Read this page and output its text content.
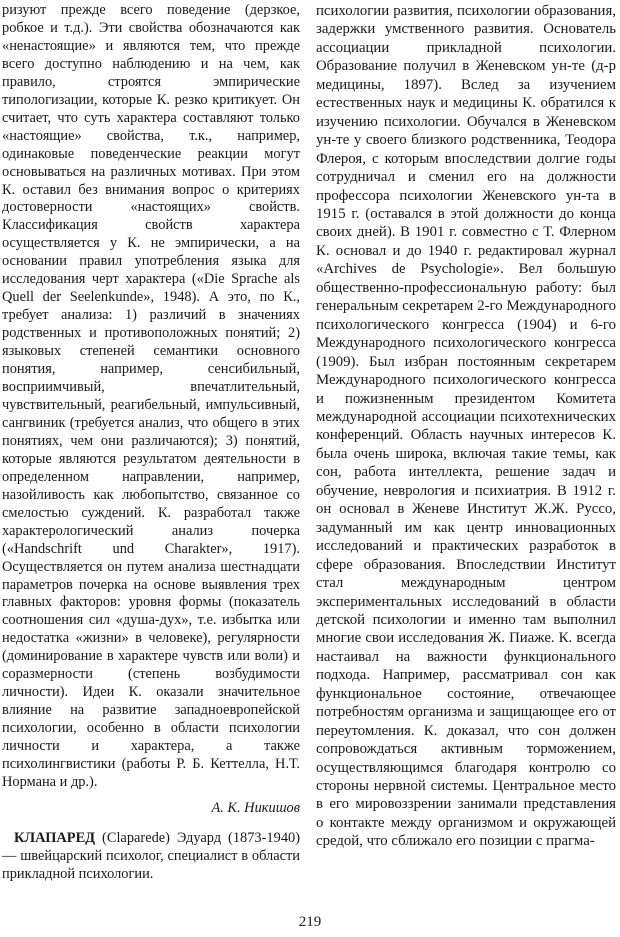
ризуют прежде всего поведение (дерзкое, робкое и т.д.). Эти свойства обозначаются как «ненастоящие» и являются тем, что прежде всего доступно наблюдению и на чем, как правило, строятся эмпирические типологизации, которые К. резко критикует. Он считает, что суть характера составляют только «настоящие» свойства, т.к., например, одинаковые поведенческие реакции могут основываться на различных мотивах. При этом К. оставил без внимания вопрос о критериях достоверности «настоящих» свойств. Классификация свойств характера осуществляется у К. не эмпирически, а на основании правил употребления языка для исследования черт характера («Die Sprache als Quell der Seelenkunde», 1948). А это, по К., требует анализа: 1) различий в значениях родственных и противоположных понятий; 2) языковых степеней семантики основного понятия, например, сенсибильный, восприимчивый, впечатлительный, чувствительный, реагибельный, импульсивный, сангвиник (требуется анализ, что общего в этих понятиях, чем они различаются); 3) понятий, которые являются результатом деятельности в определенном направлении, например, назойливость как любопытство, связанное со смелостью суждений. К. разработал также характерологический анализ почерка («Handschrift und Charakter», 1917). Осуществляется он путем анализа шестнадцати параметров почерка на основе выявления трех главных факторов: уровня формы (показатель соотношения сил «душа-дух», т.е. избытка или недостатка «жизни» в человеке), регулярности (доминирование в характере чувств или воли) и соразмерности (степень возбудимости личности). Идеи К. оказали значительное влияние на развитие западноевропейской психологии, особенно в области психологии личности и характера, а также психолингвистики (работы Р. Б. Кеттелла, Н.Т. Нормана и др.).

А. К. Никишов

КЛАПАРЕД (Claparede) Эдуард (1873-1940) — швейцарский психолог, специалист в области прикладной психологии.

психологии развития, психологии образования, задержки умственного развития. Основатель ассоциации прикладной психологии. Образование получил в Женевском ун-те (д-р медицины, 1897). Вслед за изучением естественных наук и медицины К. обратился к изучению психологии. Обучался в Женевском ун-те у своего близкого родственника, Теодора Флероя, с которым впоследствии долгие годы сотрудничал и сменил его на должности профессора психологии Женевского ун-та в 1915 г. (оставался в этой должности до конца своих дней). В 1901 г. совместно с Т. Флерном К. основал и до 1940 г. редактировал журнал «Archives de Psychologie». Вел большую общественно-профессиональную работу: был генеральным секретарем 2-го Международного психологического конгресса (1904) и 6-го Международного психологического конгресса (1909). Был избран постоянным секретарем Международного психологического конгресса и пожизненным президентом Комитета международной ассоциации психотехнических конференций. Область научных интересов К. была очень широка, включая такие темы, как сон, работа интеллекта, решение задач и обучение, неврология и психиатрия. В 1912 г. он основал в Женеве Институт Ж.Ж. Руссо, задуманный им как центр инновационных исследований и практических разработок в сфере образования. Впоследствии Институт стал международным центром экспериментальных исследований в области детской психологии и именно там выполнил многие свои исследования Ж. Пиаже. К. всегда настаивал на важности функционального подхода. Например, рассматривал сон как функциональное состояние, отвечающее потребностям организма и защищающее его от переутомления. К. доказал, что сон должен сопровождаться активным торможением, осуществляющимся благодаря контролю со стороны нервной системы. Центральное место в его мировоззрении занимали представления о контакте между организмом и окружающей средой, что сближало его позиции с прагма-

219
